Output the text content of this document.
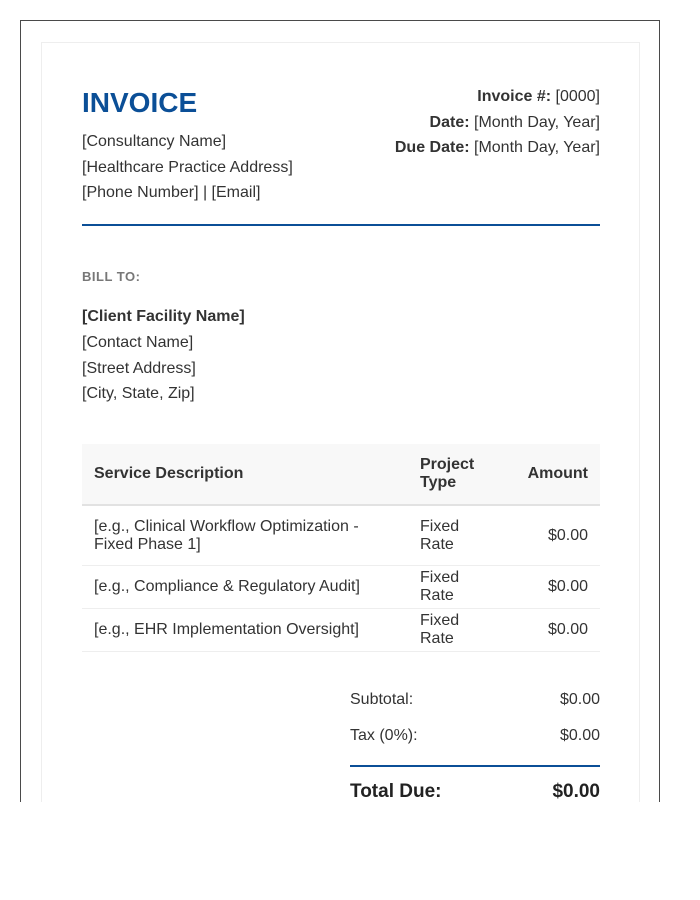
INVOICE
[Consultancy Name]
[Healthcare Practice Address]
[Phone Number] | [Email]
Invoice #: [0000]
Date: [Month Day, Year]
Due Date: [Month Day, Year]
BILL TO:
[Client Facility Name]
[Contact Name]
[Street Address]
[City, State, Zip]
Service Description	Project Type	Amount
[e.g., Clinical Workflow Optimization - Fixed Phase 1]	Fixed Rate	$0.00
[e.g., Compliance & Regulatory Audit]	Fixed Rate	$0.00
[e.g., EHR Implementation Oversight]	Fixed Rate	$0.00
Subtotal:	$0.00
Tax (0%):	$0.00
Total Due:	$0.00
